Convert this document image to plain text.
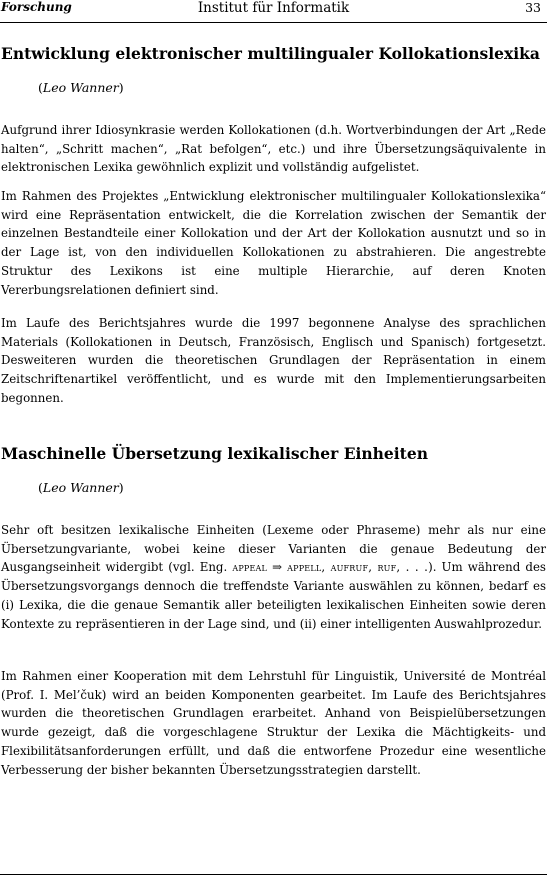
Forschung	Institut für Informatik	33
Entwicklung elektronischer multilingualer Kollokationslexika
(Leo Wanner)

Aufgrund ihrer Idiosynkrasie werden Kollokationen (d.h. Wortverbindungen der Art „Rede halten“, „Schritt machen“, „Rat befolgen“, etc.) und ihre Übersetzungsäquivalente in elektronischen Lexika gewöhnlich explizit und vollständig aufgelistet.

Im Rahmen des Projektes „Entwicklung elektronischer multilingualer Kollokationslexika“ wird eine Repräsentation entwickelt, die die Korrelation zwischen der Semantik der einzelnen Bestandteile einer Kollokation und der Art der Kollokation ausnutzt und so in der Lage ist, von den individuellen Kollokationen zu abstrahieren. Die angestrebte Struktur des Lexikons ist eine multiple Hierarchie, auf deren Knoten Vererbungsrelationen definiert sind.

Im Laufe des Berichtsjahres wurde die 1997 begonnene Analyse des sprachlichen Materials (Kollokationen in Deutsch, Französisch, Englisch und Spanisch) fortgesetzt. Desweiteren wurden die theoretischen Grundlagen der Repräsentation in einem Zeitschriftenartikel veröffentlicht, und es wurde mit den Implementierungsarbeiten begonnen.

Maschinelle Übersetzung lexikalischer Einheiten
(Leo Wanner)

Sehr oft besitzen lexikalische Einheiten (Lexeme oder Phraseme) mehr als nur eine Übersetzungvariante, wobei keine dieser Varianten die genaue Bedeutung der Ausgangseinheit widergibt (vgl. Eng. appeal ⇒ appell, aufruf, ruf, . . .). Um während des Übersetzungsvorgangs dennoch die treffendste Variante auswählen zu können, bedarf es (i) Lexika, die die genaue Semantik aller beteiligten lexikalischen Einheiten sowie deren Kontexte zu repräsentieren in der Lage sind, und (ii) einer intelligenten Auswahlprozedur.

Im Rahmen einer Kooperation mit dem Lehrstuhl für Linguistik, Université de Montréal (Prof. I. Mel’čuk) wird an beiden Komponenten gearbeitet. Im Laufe des Berichtsjahres wurden die theoretischen Grundlagen erarbeitet. Anhand von Beispielübersetzungen wurde gezeigt, daß die vorgeschlagene Struktur der Lexika die Mächtigkeits- und Flexibilitätsanforderungen erfüllt, und daß die entworfene Prozedur eine wesentliche Verbesserung der bisher bekannten Übersetzungsstrategien darstellt.
